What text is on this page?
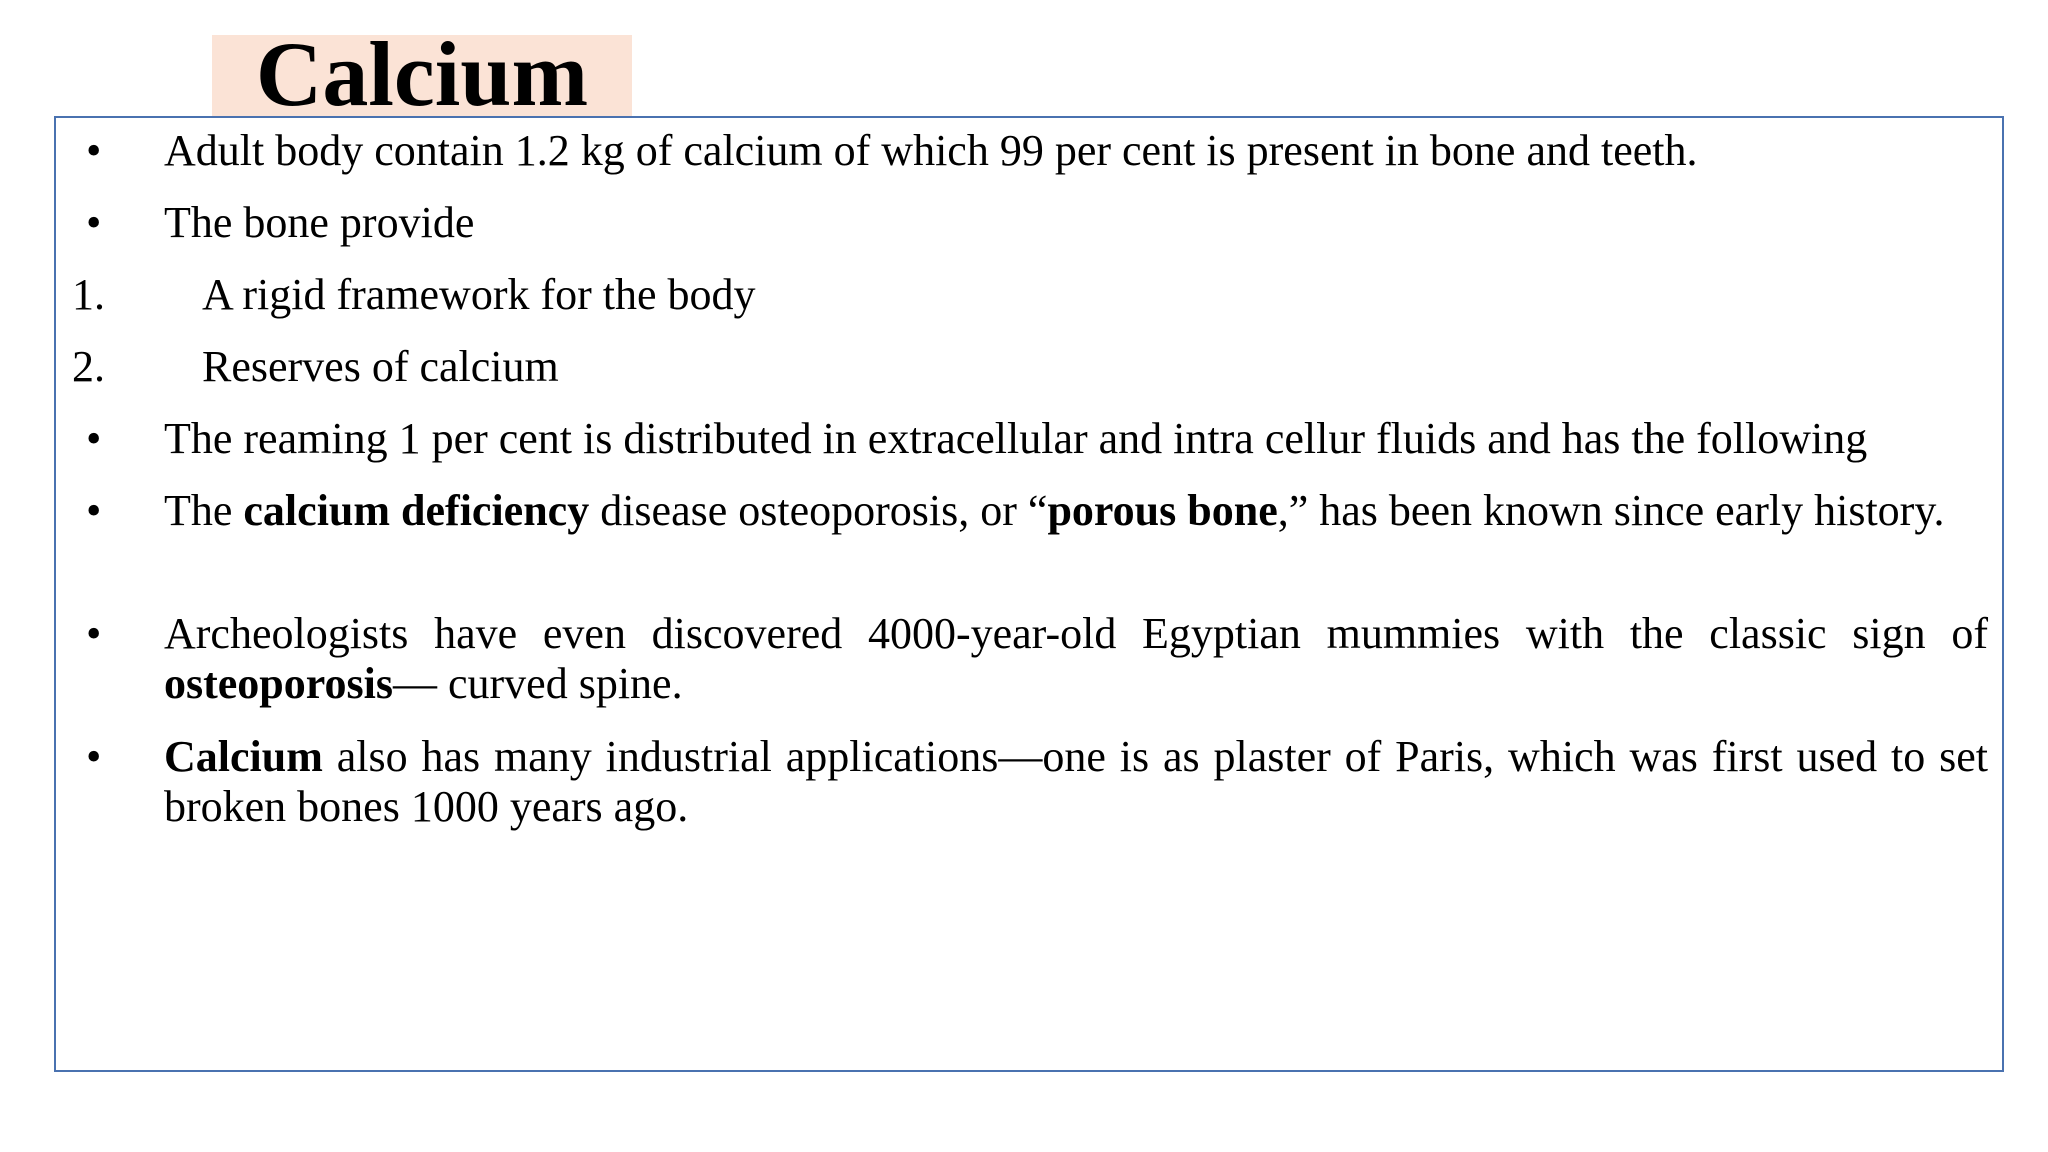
Calcium
• Adult body contain 1.2 kg of calcium of which 99 per cent is present in bone and teeth.
• The bone provide
1. A rigid framework for the body
2. Reserves of calcium
• The reaming 1 per cent is distributed in extracellular and intra cellur fluids and has the following
• The calcium deficiency disease osteoporosis, or “porous bone,” has been known since early history.
• Archeologists have even discovered 4000-year-old Egyptian mummies with the classic sign of osteoporosis— curved spine.
• Calcium also has many industrial applications—one is as plaster of Paris, which was first used to set broken bones 1000 years ago.
